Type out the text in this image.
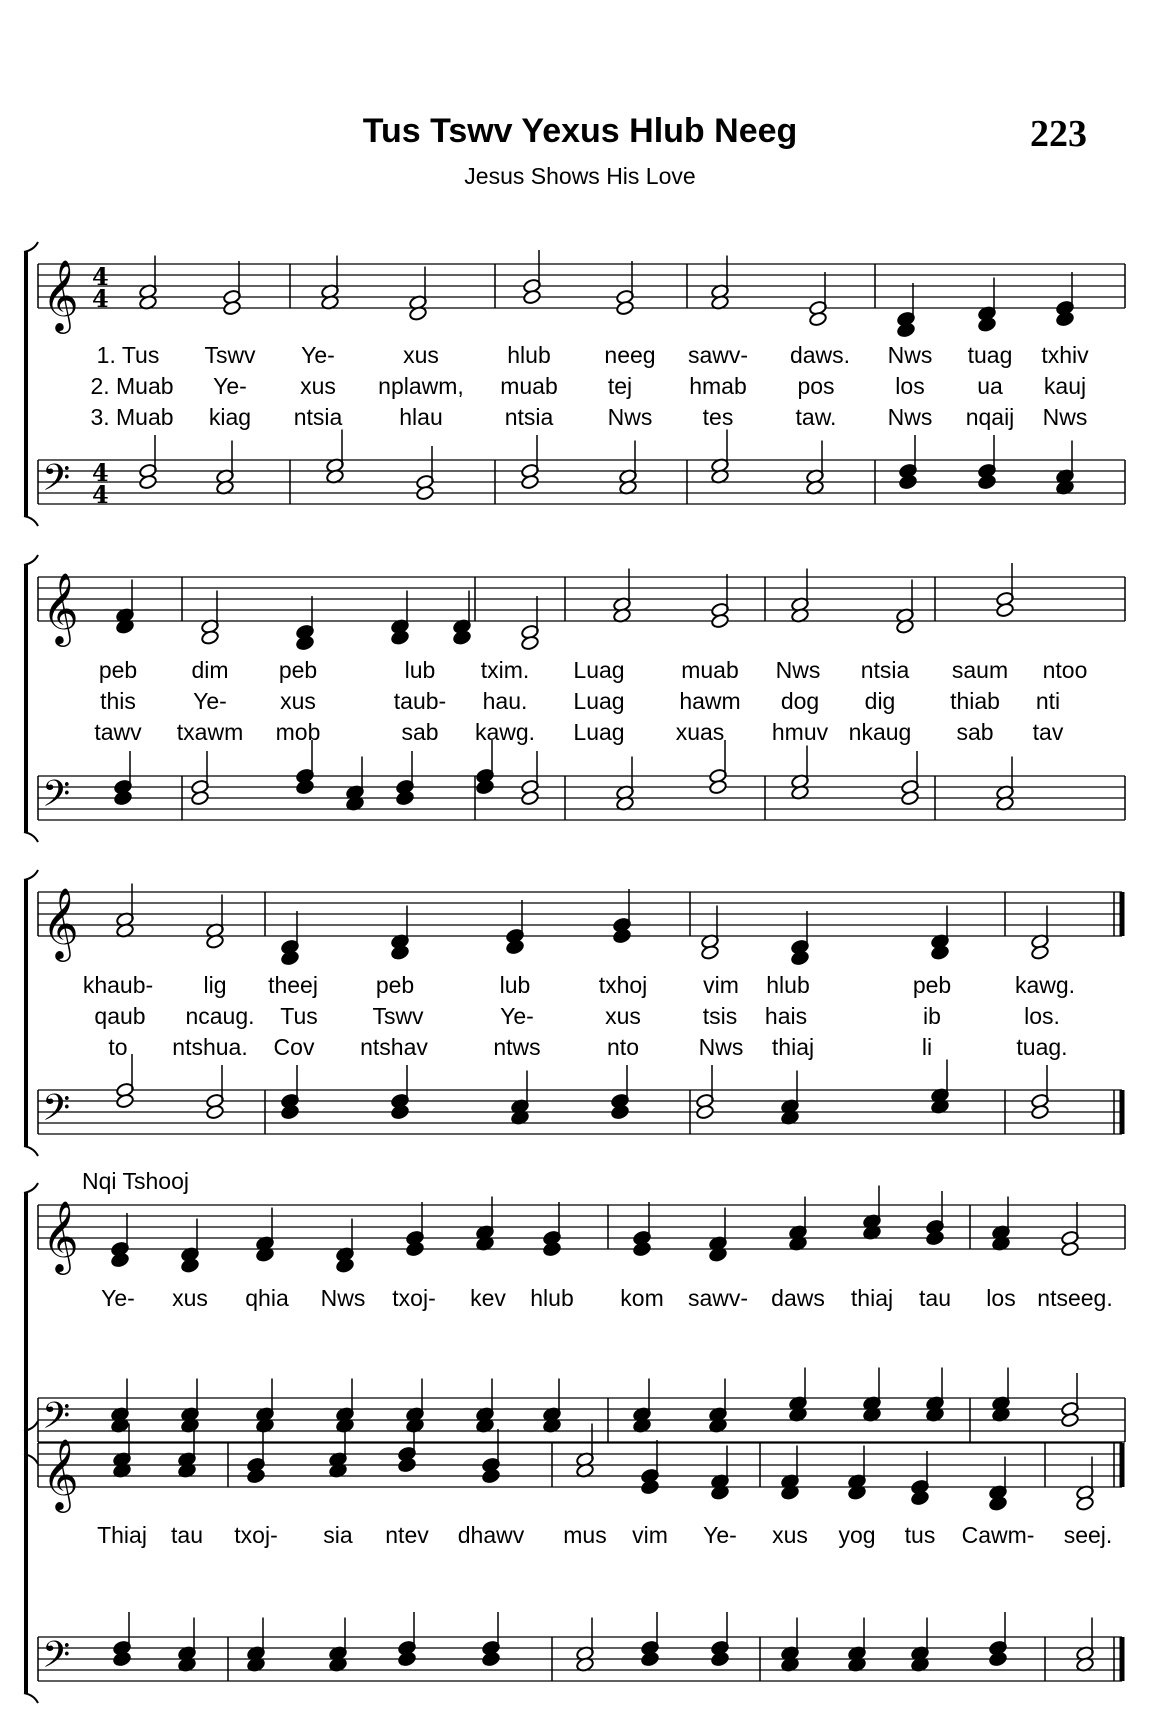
Tus Tswv Yexus Hlub Neeg
Jesus Shows His Love
223
Nqi Tshooj
𝄞 4
4
𝄢 4
4
𝄞
𝄢
𝄞
𝄢
𝄞
𝄢
𝄞
𝄢
1. Tus Tswv Ye-	xus	hlub neeg sawv- daws. Nws tuag txhiv
2. Muab Ye- xus nplawm, muab tej hmab pos	los ua kauj
3. Muab kiag ntsia hlau	ntsia Nws tes	taw. Nws nqaij Nws
peb dim peb	lub txim. Luag muab Nws ntsia saum ntoo
this Ye- xus	taub- hau. Luag hawm dog dig thiab nti
tawv txawm mob	sab kawg. Luag xuas hmuv nkaug sab tav
khaub- lig theej	peb	lub	txhoj vim hlub	peb	kawg.
qaub ncaug. Tus Tswv	Ye-	xus	tsis hais	ib	los.
to ntshua. Cov ntshav	ntws	nto	Nws thiaj	li	tuag.
Ye- xus qhia Nws txoj- kev hlub kom sawv- daws thiaj tau los ntseeg.
Thiaj tau txoj- sia ntev dhawv mus vim Ye- xus yog tus Cawm- seej.
